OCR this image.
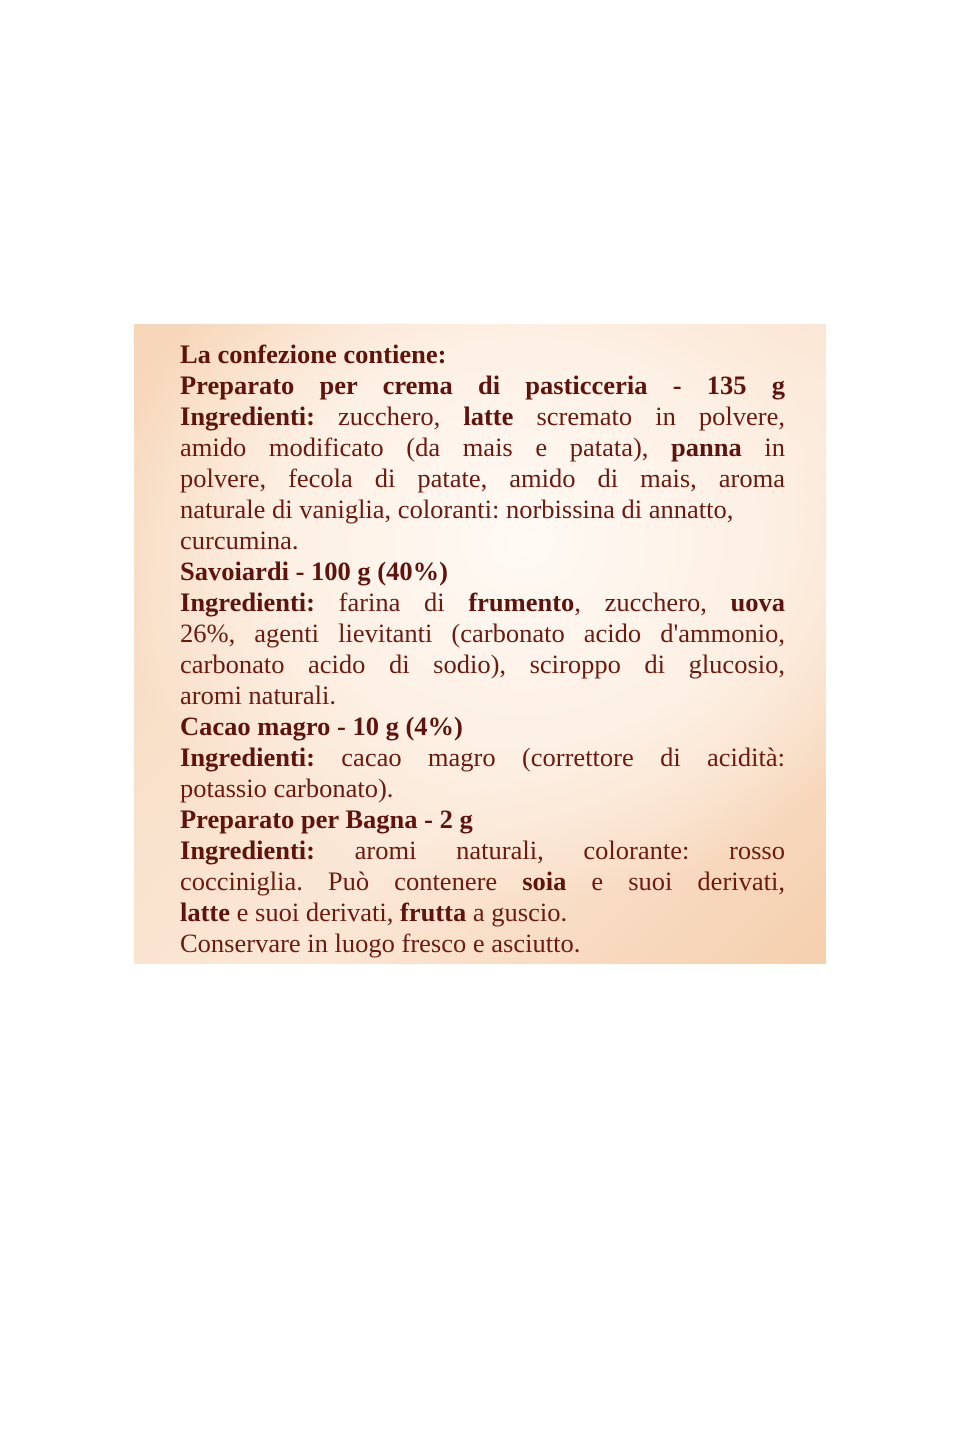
La confezione contiene:
Preparato per crema di pasticceria - 135 g
Ingredienti: zucchero, latte scremato in polvere,
amido modificato (da mais e patata), panna in
polvere, fecola di patate, amido di mais, aroma
naturale di vaniglia, coloranti: norbissina di annatto,
curcumina.
Savoiardi - 100 g (40%)
Ingredienti: farina di frumento, zucchero, uova
26%, agenti lievitanti (carbonato acido d'ammonio,
carbonato acido di sodio), sciroppo di glucosio,
aromi naturali.
Cacao magro - 10 g (4%)
Ingredienti: cacao magro (correttore di acidità:
potassio carbonato).
Preparato per Bagna - 2 g
Ingredienti: aromi naturali, colorante: rosso
cocciniglia. Può contenere soia e suoi derivati,
latte e suoi derivati, frutta a guscio.
Conservare in luogo fresco e asciutto.
